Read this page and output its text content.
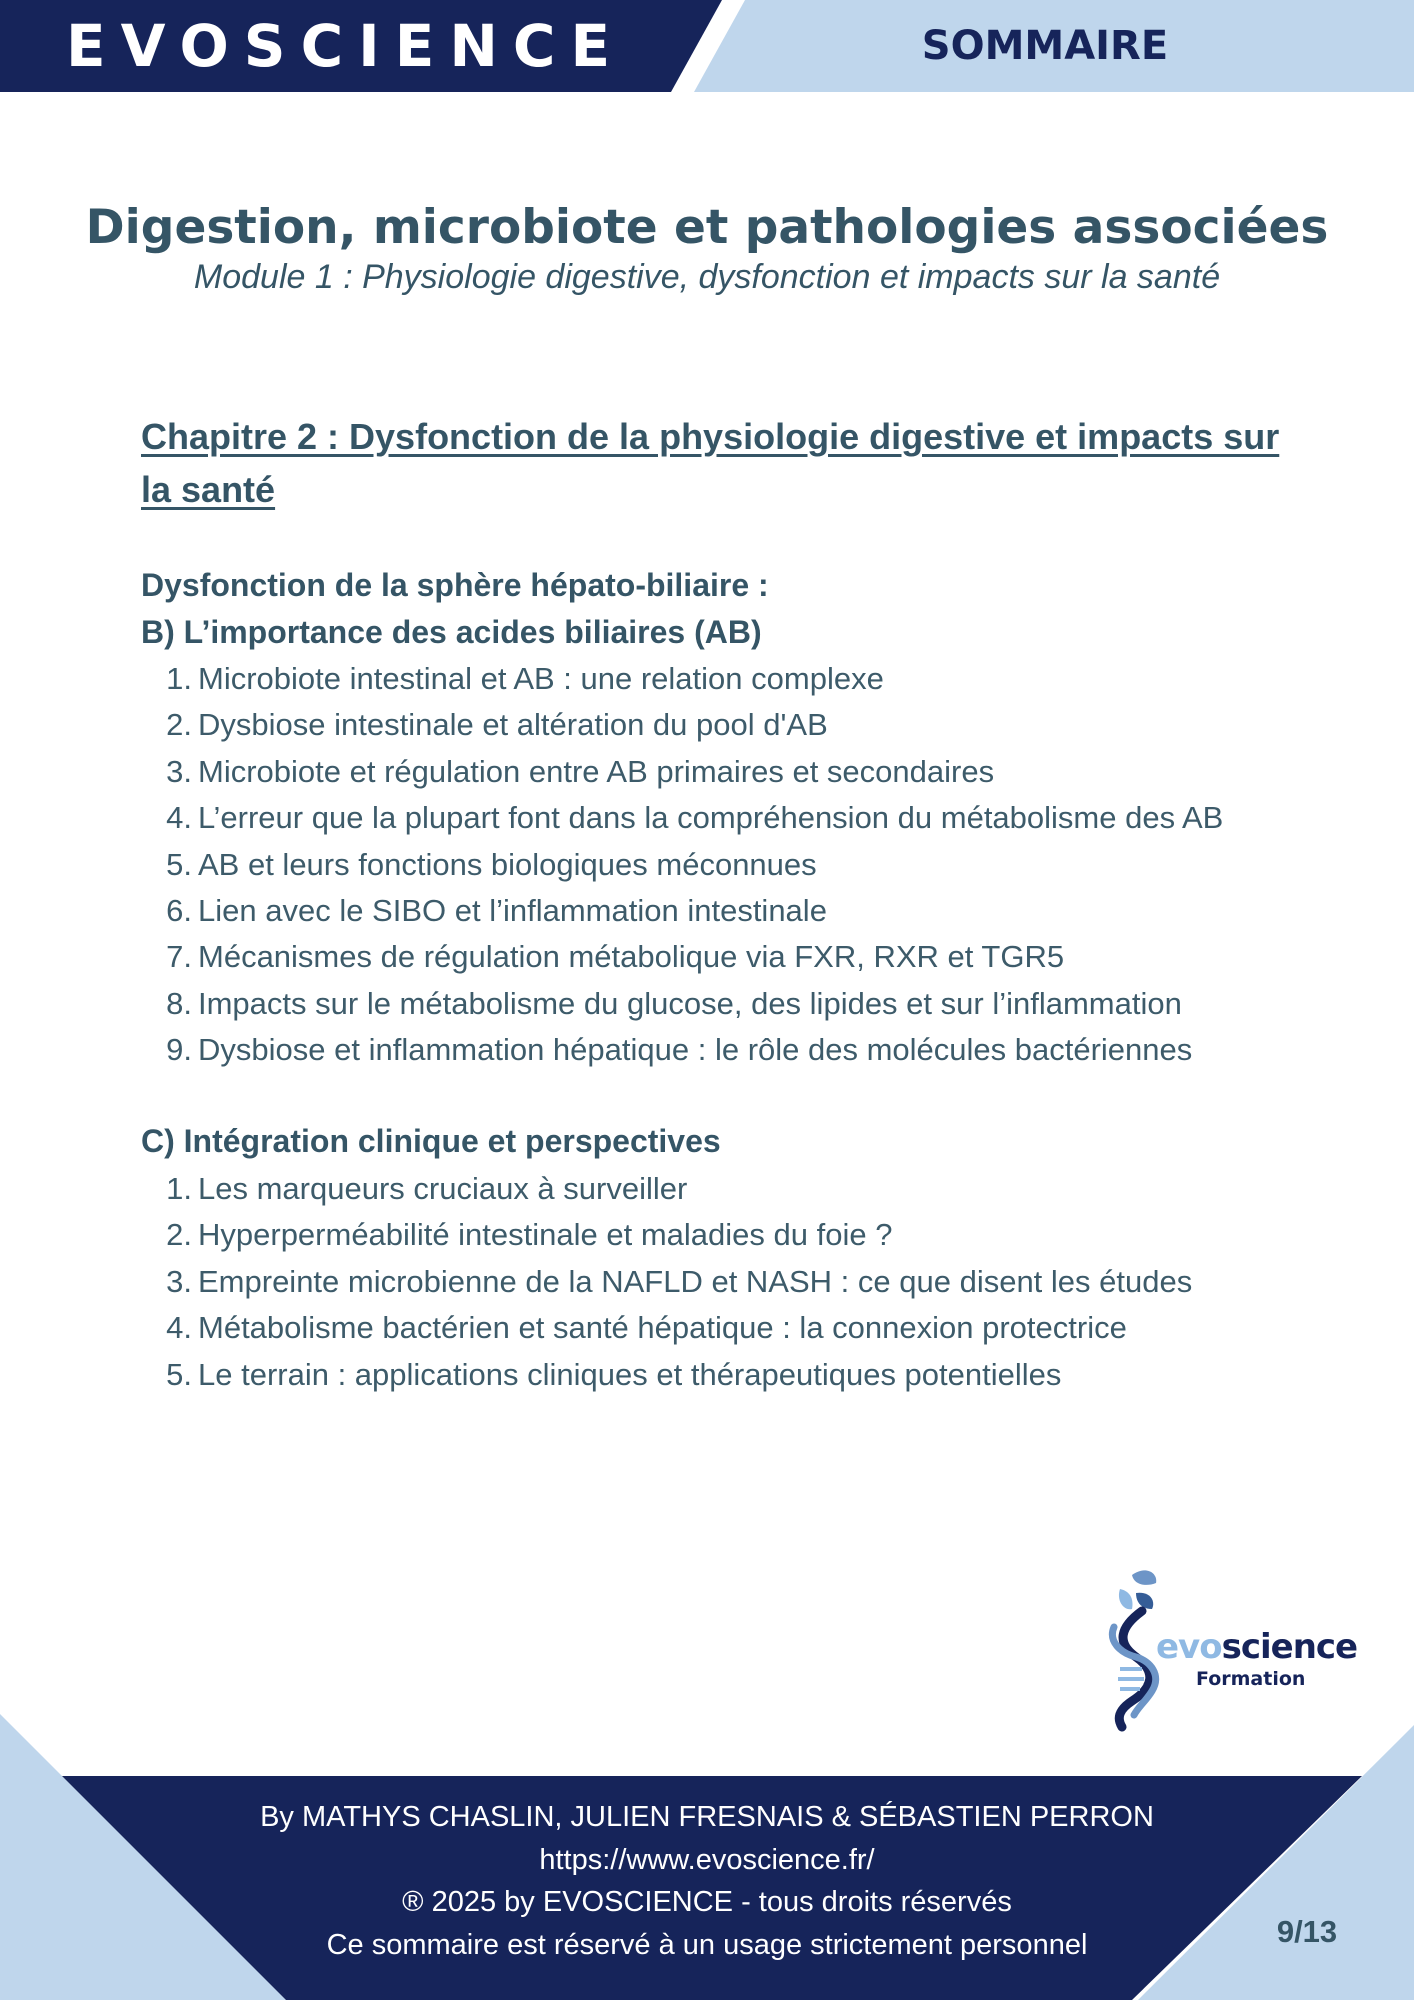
EVOSCIENCE	SOMMAIRE
Digestion, microbiote et pathologies associées
Module 1 : Physiologie digestive, dysfonction et impacts sur la santé
Chapitre 2 : Dysfonction de la physiologie digestive et impacts sur
la santé
Dysfonction de la sphère hépato-biliaire :
B) L’importance des acides biliaires (AB)
1. Microbiote intestinal et AB : une relation complexe
2. Dysbiose intestinale et altération du pool d'AB
3. Microbiote et régulation entre AB primaires et secondaires
4. L’erreur que la plupart font dans la compréhension du métabolisme des AB
5. AB et leurs fonctions biologiques méconnues
6. Lien avec le SIBO et l’inflammation intestinale
7. Mécanismes de régulation métabolique via FXR, RXR et TGR5
8. Impacts sur le métabolisme du glucose, des lipides et sur l’inflammation
9. Dysbiose et inflammation hépatique : le rôle des molécules bactériennes
C) Intégration clinique et perspectives
1. Les marqueurs cruciaux à surveiller
2. Hyperperméabilité intestinale et maladies du foie ?
3. Empreinte microbienne de la NAFLD et NASH : ce que disent les études
4. Métabolisme bactérien et santé hépatique : la connexion protectrice
5. Le terrain : applications cliniques et thérapeutiques potentielles
evoscience
Formation
By MATHYS CHASLIN, JULIEN FRESNAIS & SÉBASTIEN PERRON
https://www.evoscience.fr/
® 2025 by EVOSCIENCE - tous droits réservés
Ce sommaire est réservé à un usage strictement personnel	9/13
